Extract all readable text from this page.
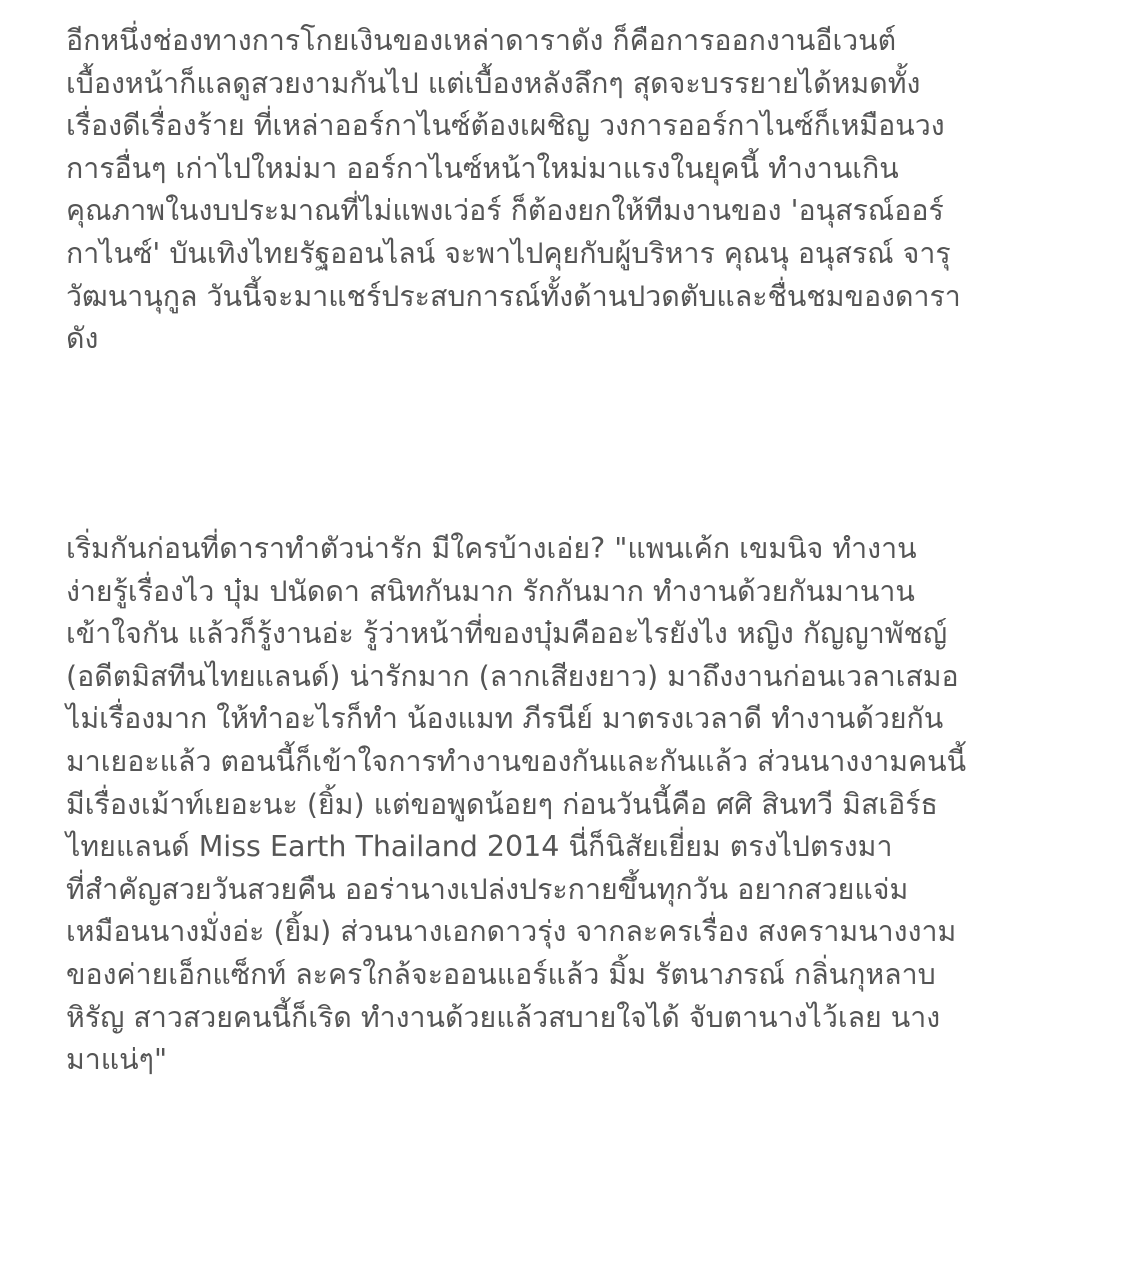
อีกหนึ่งช่องทางการโกยเงินของเหล่าดาราดัง ก็คือการออกงานอีเวนต์
เบื้องหน้าก็แลดูสวยงามกันไป แต่เบื้องหลังลึกๆ สุดจะบรรยายได้หมดทั้ง
เรื่องดีเรื่องร้าย ที่เหล่าออร์กาไนซ์ต้องเผชิญ วงการออร์กาไนซ์ก็เหมือนวง
การอื่นๆ เก่าไปใหม่มา ออร์กาไนซ์หน้าใหม่มาแรงในยุคนี้ ทำงานเกิน
คุณภาพในงบประมาณที่ไม่แพงเว่อร์ ก็ต้องยกให้ทีมงานของ 'อนุสรณ์ออร์
กาไนซ์' บันเทิงไทยรัฐออนไลน์ จะพาไปคุยกับผู้บริหาร คุณนุ อนุสรณ์ จารุ
วัฒนานุกูล วันนี้จะมาแชร์ประสบการณ์ทั้งด้านปวดตับและชื่นชมของดารา
ดัง

เริ่มกันก่อนที่ดาราทำตัวน่ารัก มีใครบ้างเอ่ย? "แพนเค้ก เขมนิจ ทำงาน
ง่ายรู้เรื่องไว บุ๋ม ปนัดดา สนิทกันมาก รักกันมาก ทำงานด้วยกันมานาน
เข้าใจกัน แล้วก็รู้งานอ่ะ รู้ว่าหน้าที่ของบุ๋มคืออะไรยังไง หญิง กัญญาพัชญ์
(อดีตมิสทีนไทยแลนด์) น่ารักมาก (ลากเสียงยาว) มาถึงงานก่อนเวลาเสมอ
ไม่เรื่องมาก ให้ทำอะไรก็ทำ น้องแมท ภีรนีย์ มาตรงเวลาดี ทำงานด้วยกัน
มาเยอะแล้ว ตอนนี้ก็เข้าใจการทำงานของกันและกันแล้ว ส่วนนางงามคนนี้
มีเรื่องเม้าท์เยอะนะ (ยิ้ม) แต่ขอพูดน้อยๆ ก่อนวันนี้คือ ศศิ สินทวี มิสเอิร์ธ
ไทยแลนด์ Miss Earth Thailand 2014 นี่ก็นิสัยเยี่ยม ตรงไปตรงมา
ที่สำคัญสวยวันสวยคืน ออร่านางเปล่งประกายขึ้นทุกวัน อยากสวยแจ่ม
เหมือนนางมั่งอ่ะ (ยิ้ม) ส่วนนางเอกดาวรุ่ง จากละครเรื่อง สงครามนางงาม
ของค่ายเอ็กแซ็กท์ ละครใกล้จะออนแอร์แล้ว มิ้ม รัตนาภรณ์ กลิ่นกุหลาบ
หิรัญ สาวสวยคนนี้ก็เริด ทำงานด้วยแล้วสบายใจได้ จับตานางไว้เลย นาง
มาแน่ๆ"
